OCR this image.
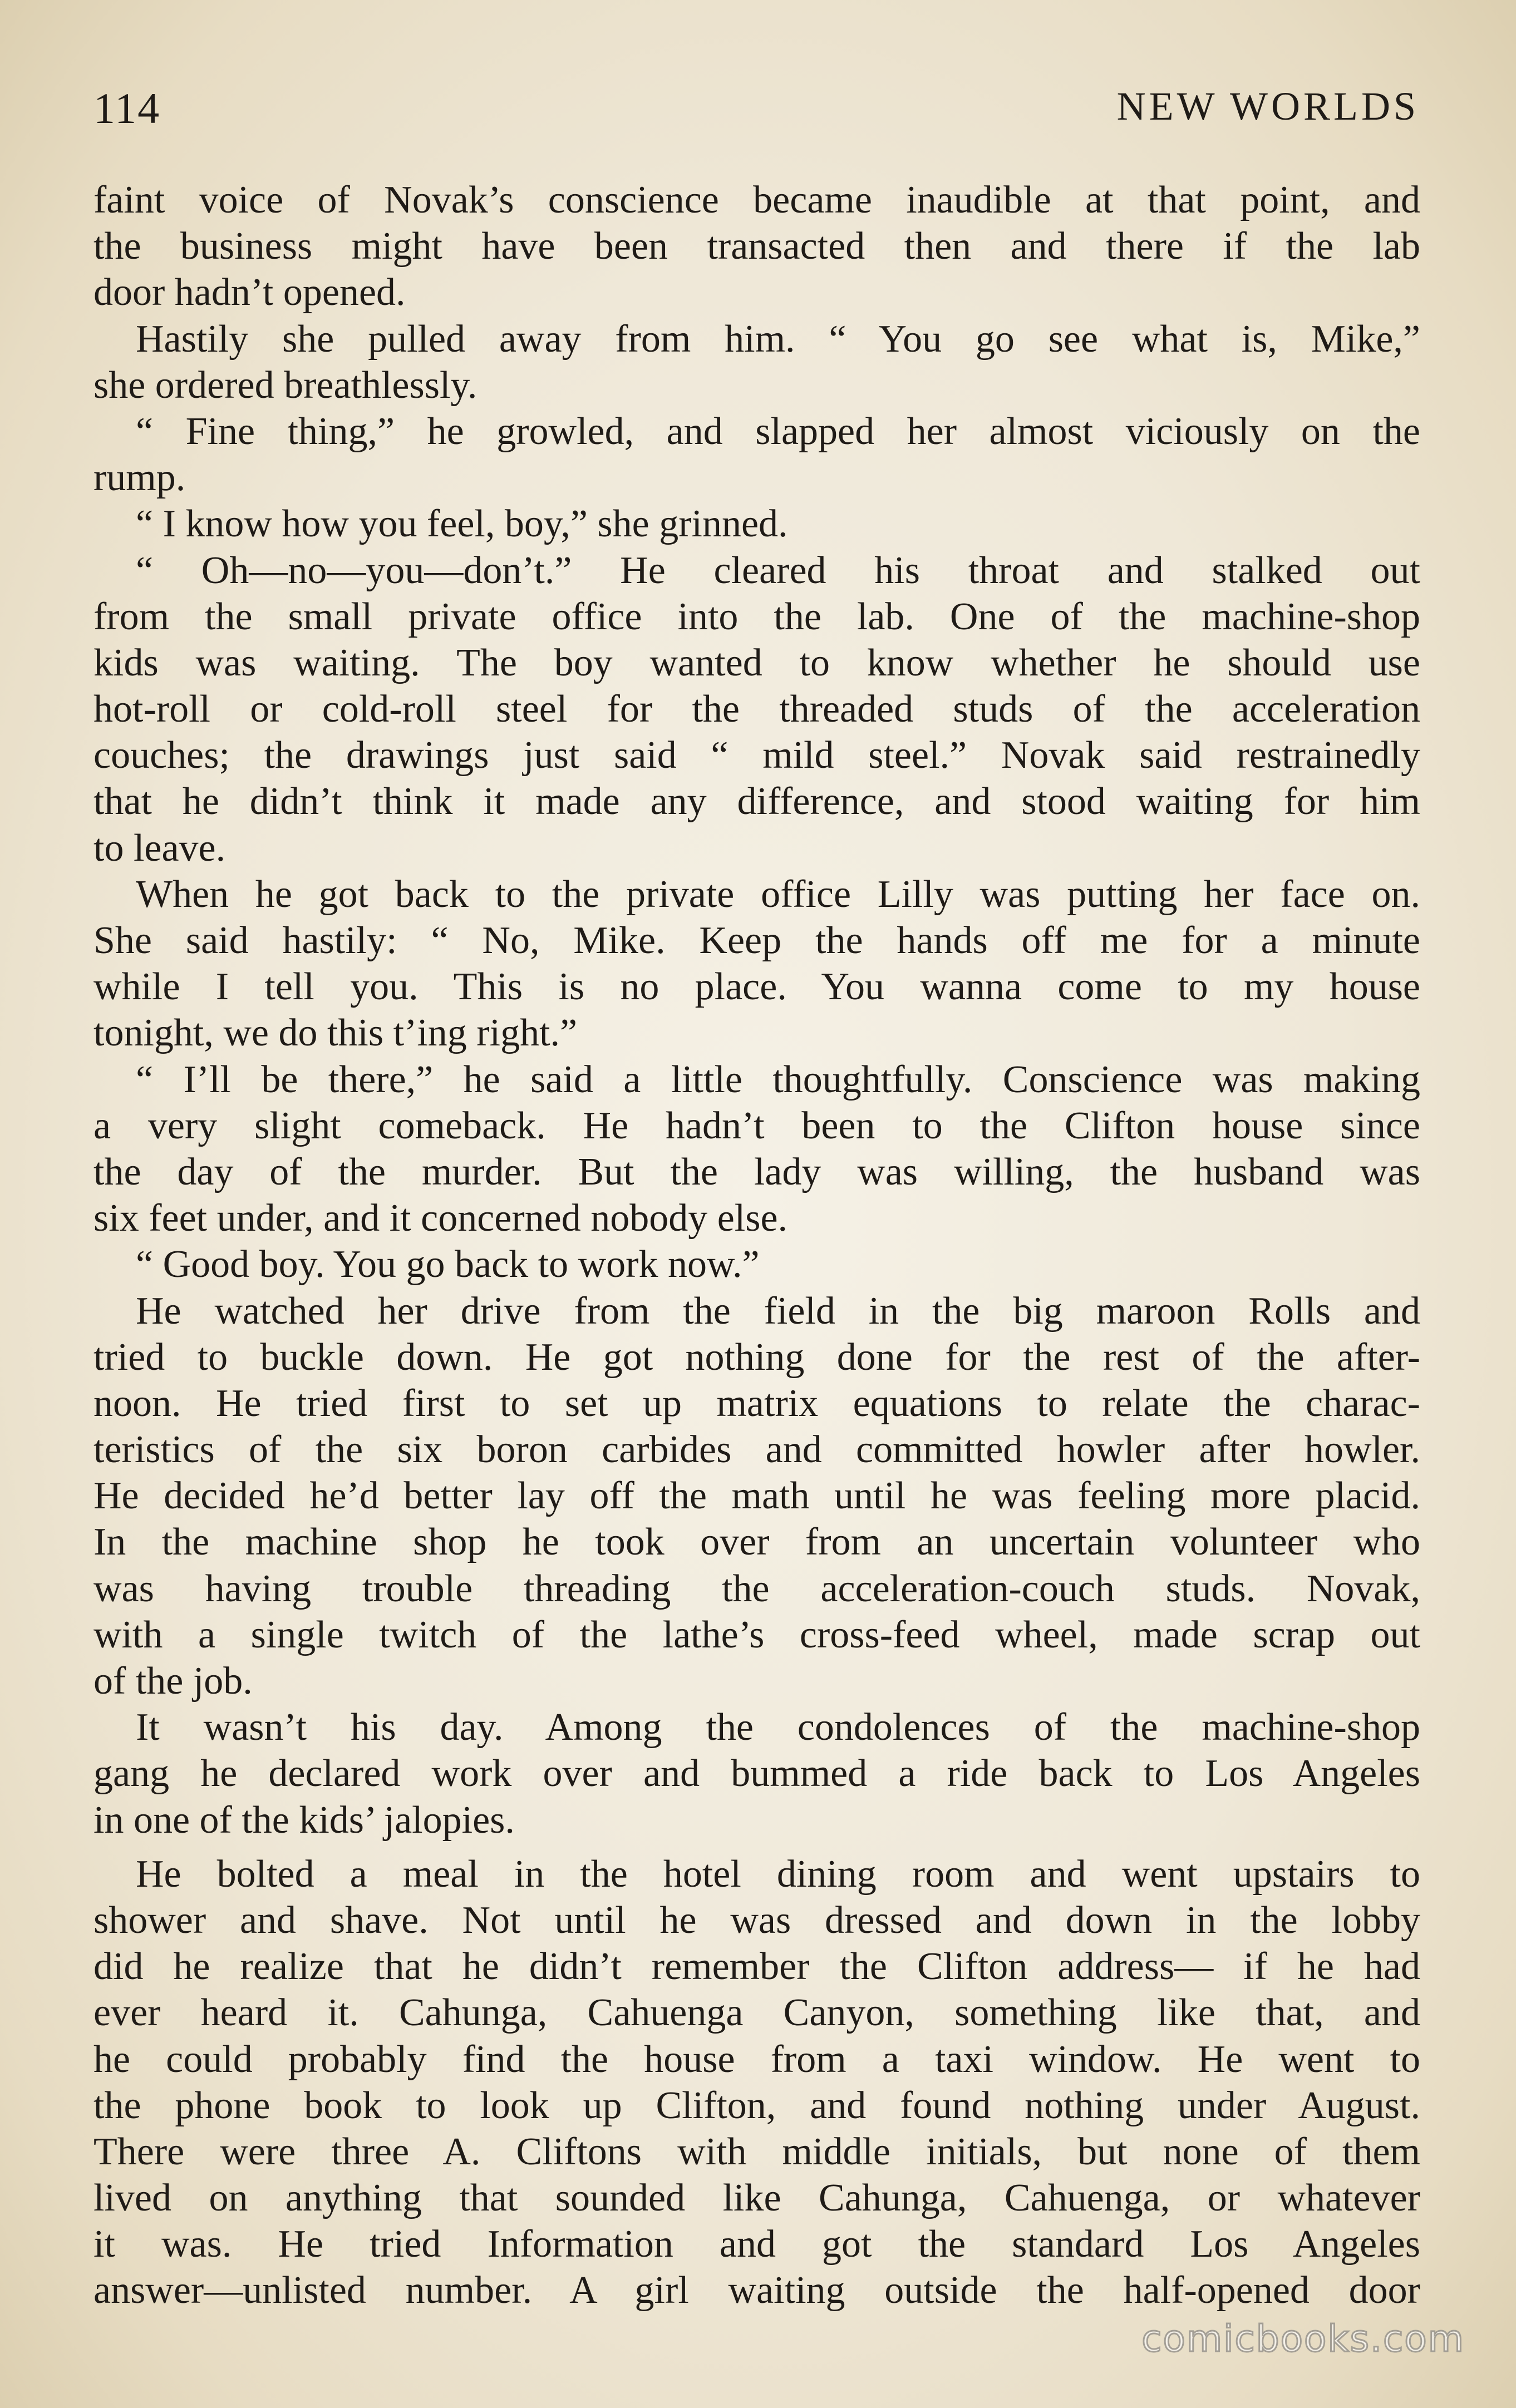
114	NEW WORLDS
faint voice of Novak’s conscience became inaudible at that point, and
the business might have been transacted then and there if the lab
door hadn’t opened.
Hastily she pulled away from him. “ You go see what is, Mike,”
she ordered breathlessly.
“ Fine thing,” he growled, and slapped her almost viciously on the
rump.
“ I know how you feel, boy,” she grinned.
“ Oh—no—you—don’t.” He cleared his throat and stalked out
from the small private office into the lab. One of the machine-shop
kids was waiting. The boy wanted to know whether he should use
hot-roll or cold-roll steel for the threaded studs of the acceleration
couches; the drawings just said “ mild steel.” Novak said restrainedly
that he didn’t think it made any difference, and stood waiting for him
to leave.
When he got back to the private office Lilly was putting her face on.
She said hastily: “ No, Mike. Keep the hands off me for a minute
while I tell you. This is no place. You wanna come to my house
tonight, we do this t’ing right.”
“ I’ll be there,” he said a little thoughtfully. Conscience was making
a very slight comeback. He hadn’t been to the Clifton house since
the day of the murder. But the lady was willing, the husband was
six feet under, and it concerned nobody else.
“ Good boy. You go back to work now.”
He watched her drive from the field in the big maroon Rolls and
tried to buckle down. He got nothing done for the rest of the after-
noon. He tried first to set up matrix equations to relate the charac-
teristics of the six boron carbides and committed howler after howler.
He decided he’d better lay off the math until he was feeling more placid.
In the machine shop he took over from an uncertain volunteer who
was having trouble threading the acceleration-couch studs. Novak,
with a single twitch of the lathe’s cross-feed wheel, made scrap out
of the job.
It wasn’t his day. Among the condolences of the machine-shop
gang he declared work over and bummed a ride back to Los Angeles
in one of the kids’ jalopies.
He bolted a meal in the hotel dining room and went upstairs to
shower and shave. Not until he was dressed and down in the lobby
did he realize that he didn’t remember the Clifton address— if he had
ever heard it. Cahunga, Cahuenga Canyon, something like that, and
he could probably find the house from a taxi window. He went to
the phone book to look up Clifton, and found nothing under August.
There were three A. Cliftons with middle initials, but none of them
lived on anything that sounded like Cahunga, Cahuenga, or whatever
it was. He tried Information and got the standard Los Angeles
answer—unlisted number. A girl waiting outside the half-opened door
comicbooks.com
